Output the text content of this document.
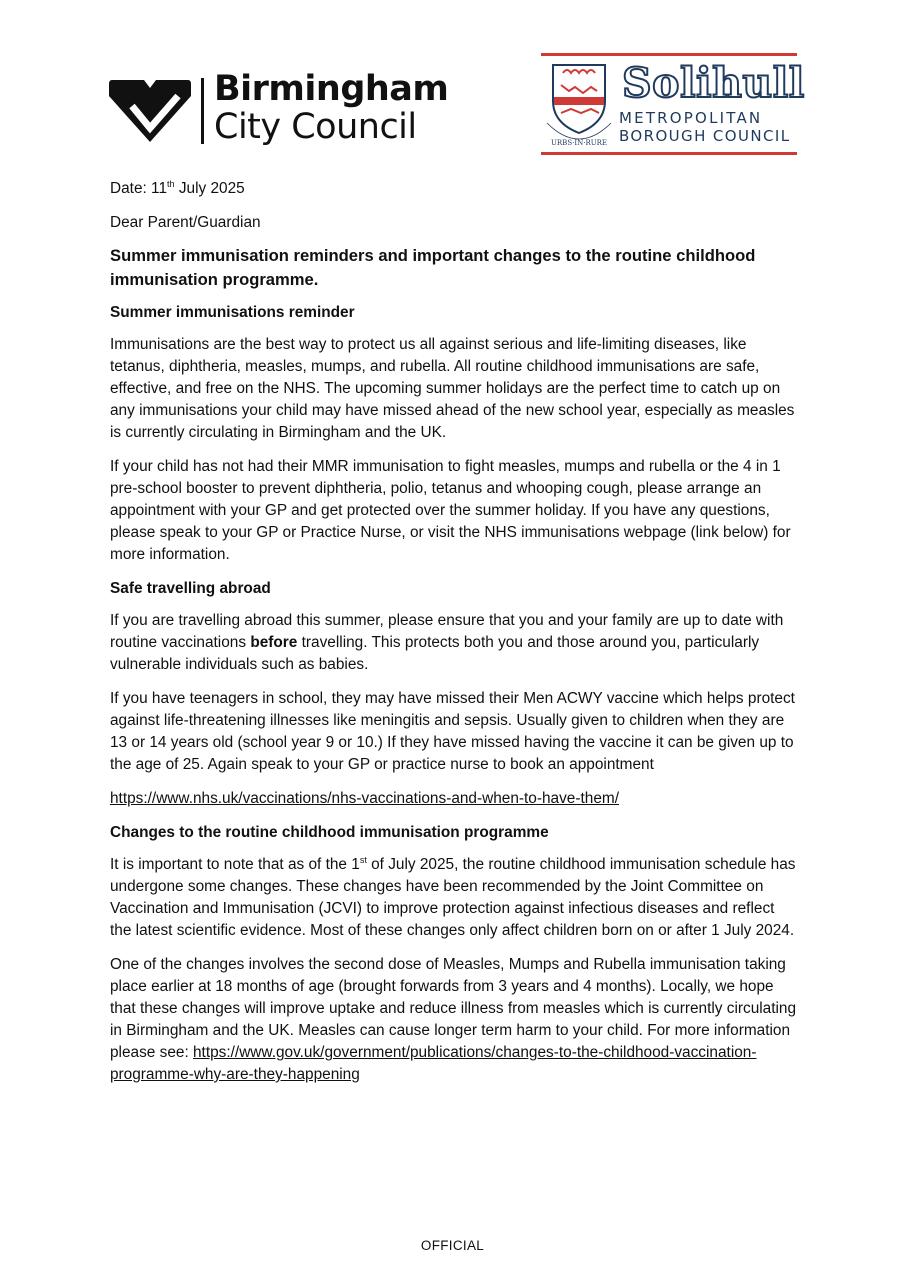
Birmingham
City Council	URBS·IN·RURE
Solihull
METROPOLITAN
BOROUGH COUNCIL

Date: 11th July 2025

Dear Parent/Guardian

Summer immunisation reminders and important changes to the routine childhood immunisation programme.

Summer immunisations reminder

Immunisations are the best way to protect us all against serious and life-limiting diseases, like tetanus, diphtheria, measles, mumps, and rubella. All routine childhood immunisations are safe, effective, and free on the NHS. The upcoming summer holidays are the perfect time to catch up on any immunisations your child may have missed ahead of the new school year, especially as measles is currently circulating in Birmingham and the UK.

If your child has not had their MMR immunisation to fight measles, mumps and rubella or the 4 in 1 pre-school booster to prevent diphtheria, polio, tetanus and whooping cough, please arrange an appointment with your GP and get protected over the summer holiday. If you have any questions, please speak to your GP or Practice Nurse, or visit the NHS immunisations webpage (link below) for more information.

Safe travelling abroad

If you are travelling abroad this summer, please ensure that you and your family are up to date with routine vaccinations before travelling. This protects both you and those around you, particularly vulnerable individuals such as babies.

If you have teenagers in school, they may have missed their Men ACWY vaccine which helps protect against life-threatening illnesses like meningitis and sepsis. Usually given to children when they are 13 or 14 years old (school year 9 or 10.) If they have missed having the vaccine it can be given up to the age of 25. Again speak to your GP or practice nurse to book an appointment

https://www.nhs.uk/vaccinations/nhs-vaccinations-and-when-to-have-them/

Changes to the routine childhood immunisation programme

It is important to note that as of the 1st of July 2025, the routine childhood immunisation schedule has undergone some changes. These changes have been recommended by the Joint Committee on Vaccination and Immunisation (JCVI) to improve protection against infectious diseases and reflect the latest scientific evidence. Most of these changes only affect children born on or after 1 July 2024.

One of the changes involves the second dose of Measles, Mumps and Rubella immunisation taking place earlier at 18 months of age (brought forwards from 3 years and 4 months). Locally, we hope that these changes will improve uptake and reduce illness from measles which is currently circulating in Birmingham and the UK. Measles can cause longer term harm to your child. For more information please see: https://www.gov.uk/government/publications/changes-to-the-childhood-vaccination-programme-why-are-they-happening

OFFICIAL
